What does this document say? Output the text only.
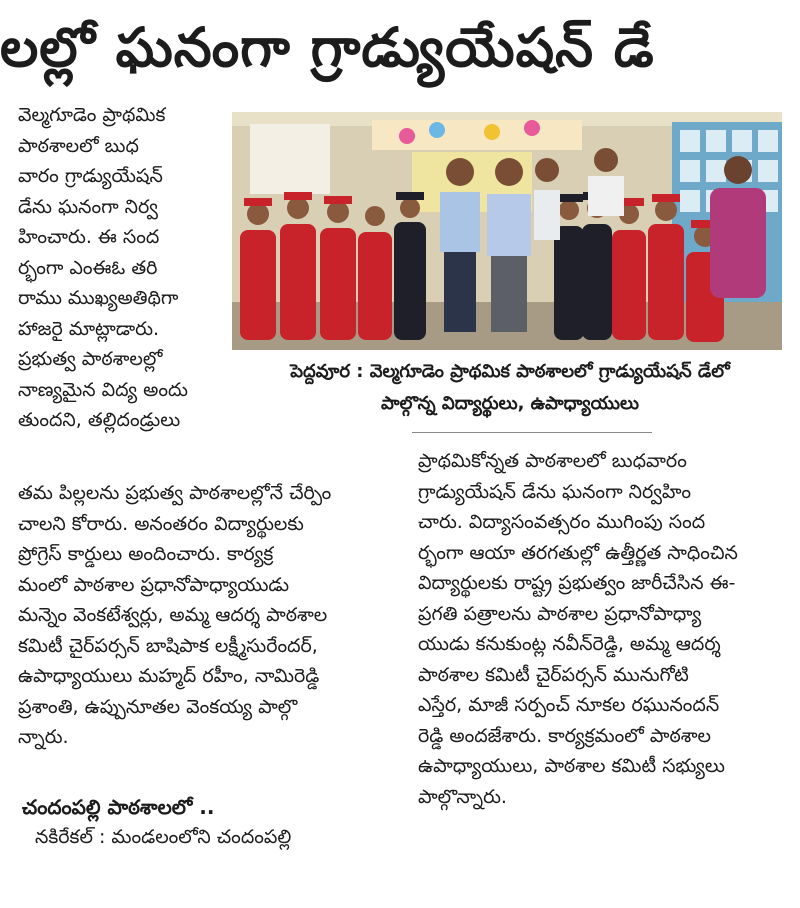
లల్లో ఘనంగా గ్రాడ్యుయేషన్ డే
వెల్మగూడెం ప్రాథమిక
పాఠశాలలో బుధ
వారం గ్రాడ్యుయేషన్
డేను ఘనంగా నిర్వ
హించారు. ఈ సంద
ర్భంగా ఎంఈఓ తరి
రాము ముఖ్యఅతిథిగా
హాజరై మాట్లాడారు.
ప్రభుత్వ పాఠశాలల్లో
నాణ్యమైన విద్య అందు
తుందని, తల్లిదండ్రులు
పెద్దవూర : వెల్మగూడెం ప్రాథమిక పాఠశాలలో గ్రాడ్యుయేషన్ డేలో
పాల్గొన్న విద్యార్థులు, ఉపాధ్యాయులు
తమ పిల్లలను ప్రభుత్వ పాఠశాలల్లోనే చేర్పిం
చాలని కోరారు. అనంతరం విద్యార్థులకు
ప్రోగ్రెస్ కార్డులు అందించారు. కార్యక్ర
మంలో పాఠశాల ప్రధానోపాధ్యాయుడు
మన్నెం వెంకటేశ్వర్లు, అమ్మ ఆదర్శ పాఠశాల
కమిటీ చైర్‌పర్సన్ బాషిపాక లక్ష్మీసురేందర్,
ఉపాధ్యాయులు మహ్మద్ రహీం, నామిరెడ్డి
ప్రశాంతి, ఉప్పునూతల వెంకయ్య పాల్గొ
న్నారు.
చందంపల్లి పాఠశాలలో ..
నకిరేకల్ : మండలంలోని చందంపల్లి
ప్రాథమికోన్నత పాఠశాలలో బుధవారం
గ్రాడ్యుయేషన్ డేను ఘనంగా నిర్వహిం
చారు. విద్యాసంవత్సరం ముగింపు సంద
ర్భంగా ఆయా తరగతుల్లో ఉత్తీర్ణత సాధించిన
విద్యార్థులకు రాష్ట్ర ప్రభుత్వం జారీచేసిన ఈ-
ప్రగతి పత్రాలను పాఠశాల ప్రధానోపాధ్యా
యుడు కనుకుంట్ల నవీన్‌రెడ్డి, అమ్మ ఆదర్శ
పాఠశాల కమిటీ చైర్‌పర్సన్ మునుగోటి
ఎస్తేర, మాజీ సర్పంచ్ నూకల రఘునందన్
రెడ్డి అందజేశారు. కార్యక్రమంలో పాఠశాల
ఉపాధ్యాయులు, పాఠశాల కమిటీ సభ్యులు
పాల్గొన్నారు.
